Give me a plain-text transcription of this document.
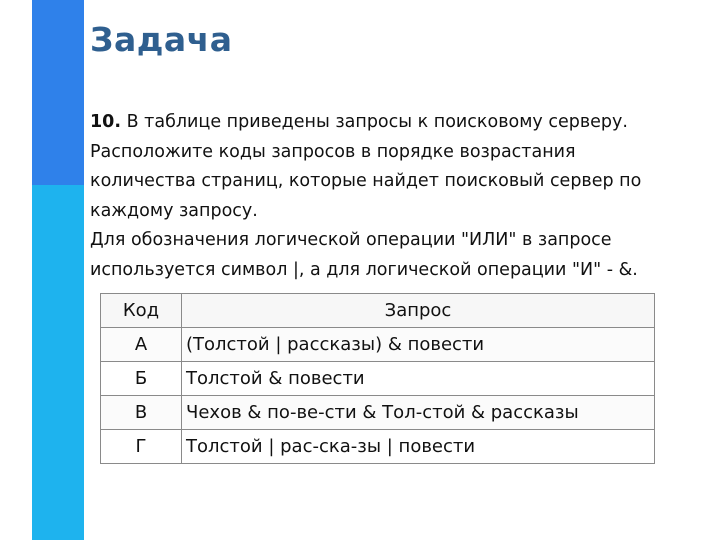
Задача

10. В таблице приведены запросы к поисковому серверу.

Расположите коды запросов в порядке возрастания

количества страниц, которые найдет поисковый сервер по

каждому запросу.

Для обозначения логической операции "ИЛИ" в запросе

используется символ |, а для логической операции "И" - &.

Код	Запрос
А	(Толстой | рассказы) & повести
Б	Толстой & повести
В	Чехов & по-ве-сти & Тол-стой & рассказы
Г	Толстой | рас-ска-зы | повести
